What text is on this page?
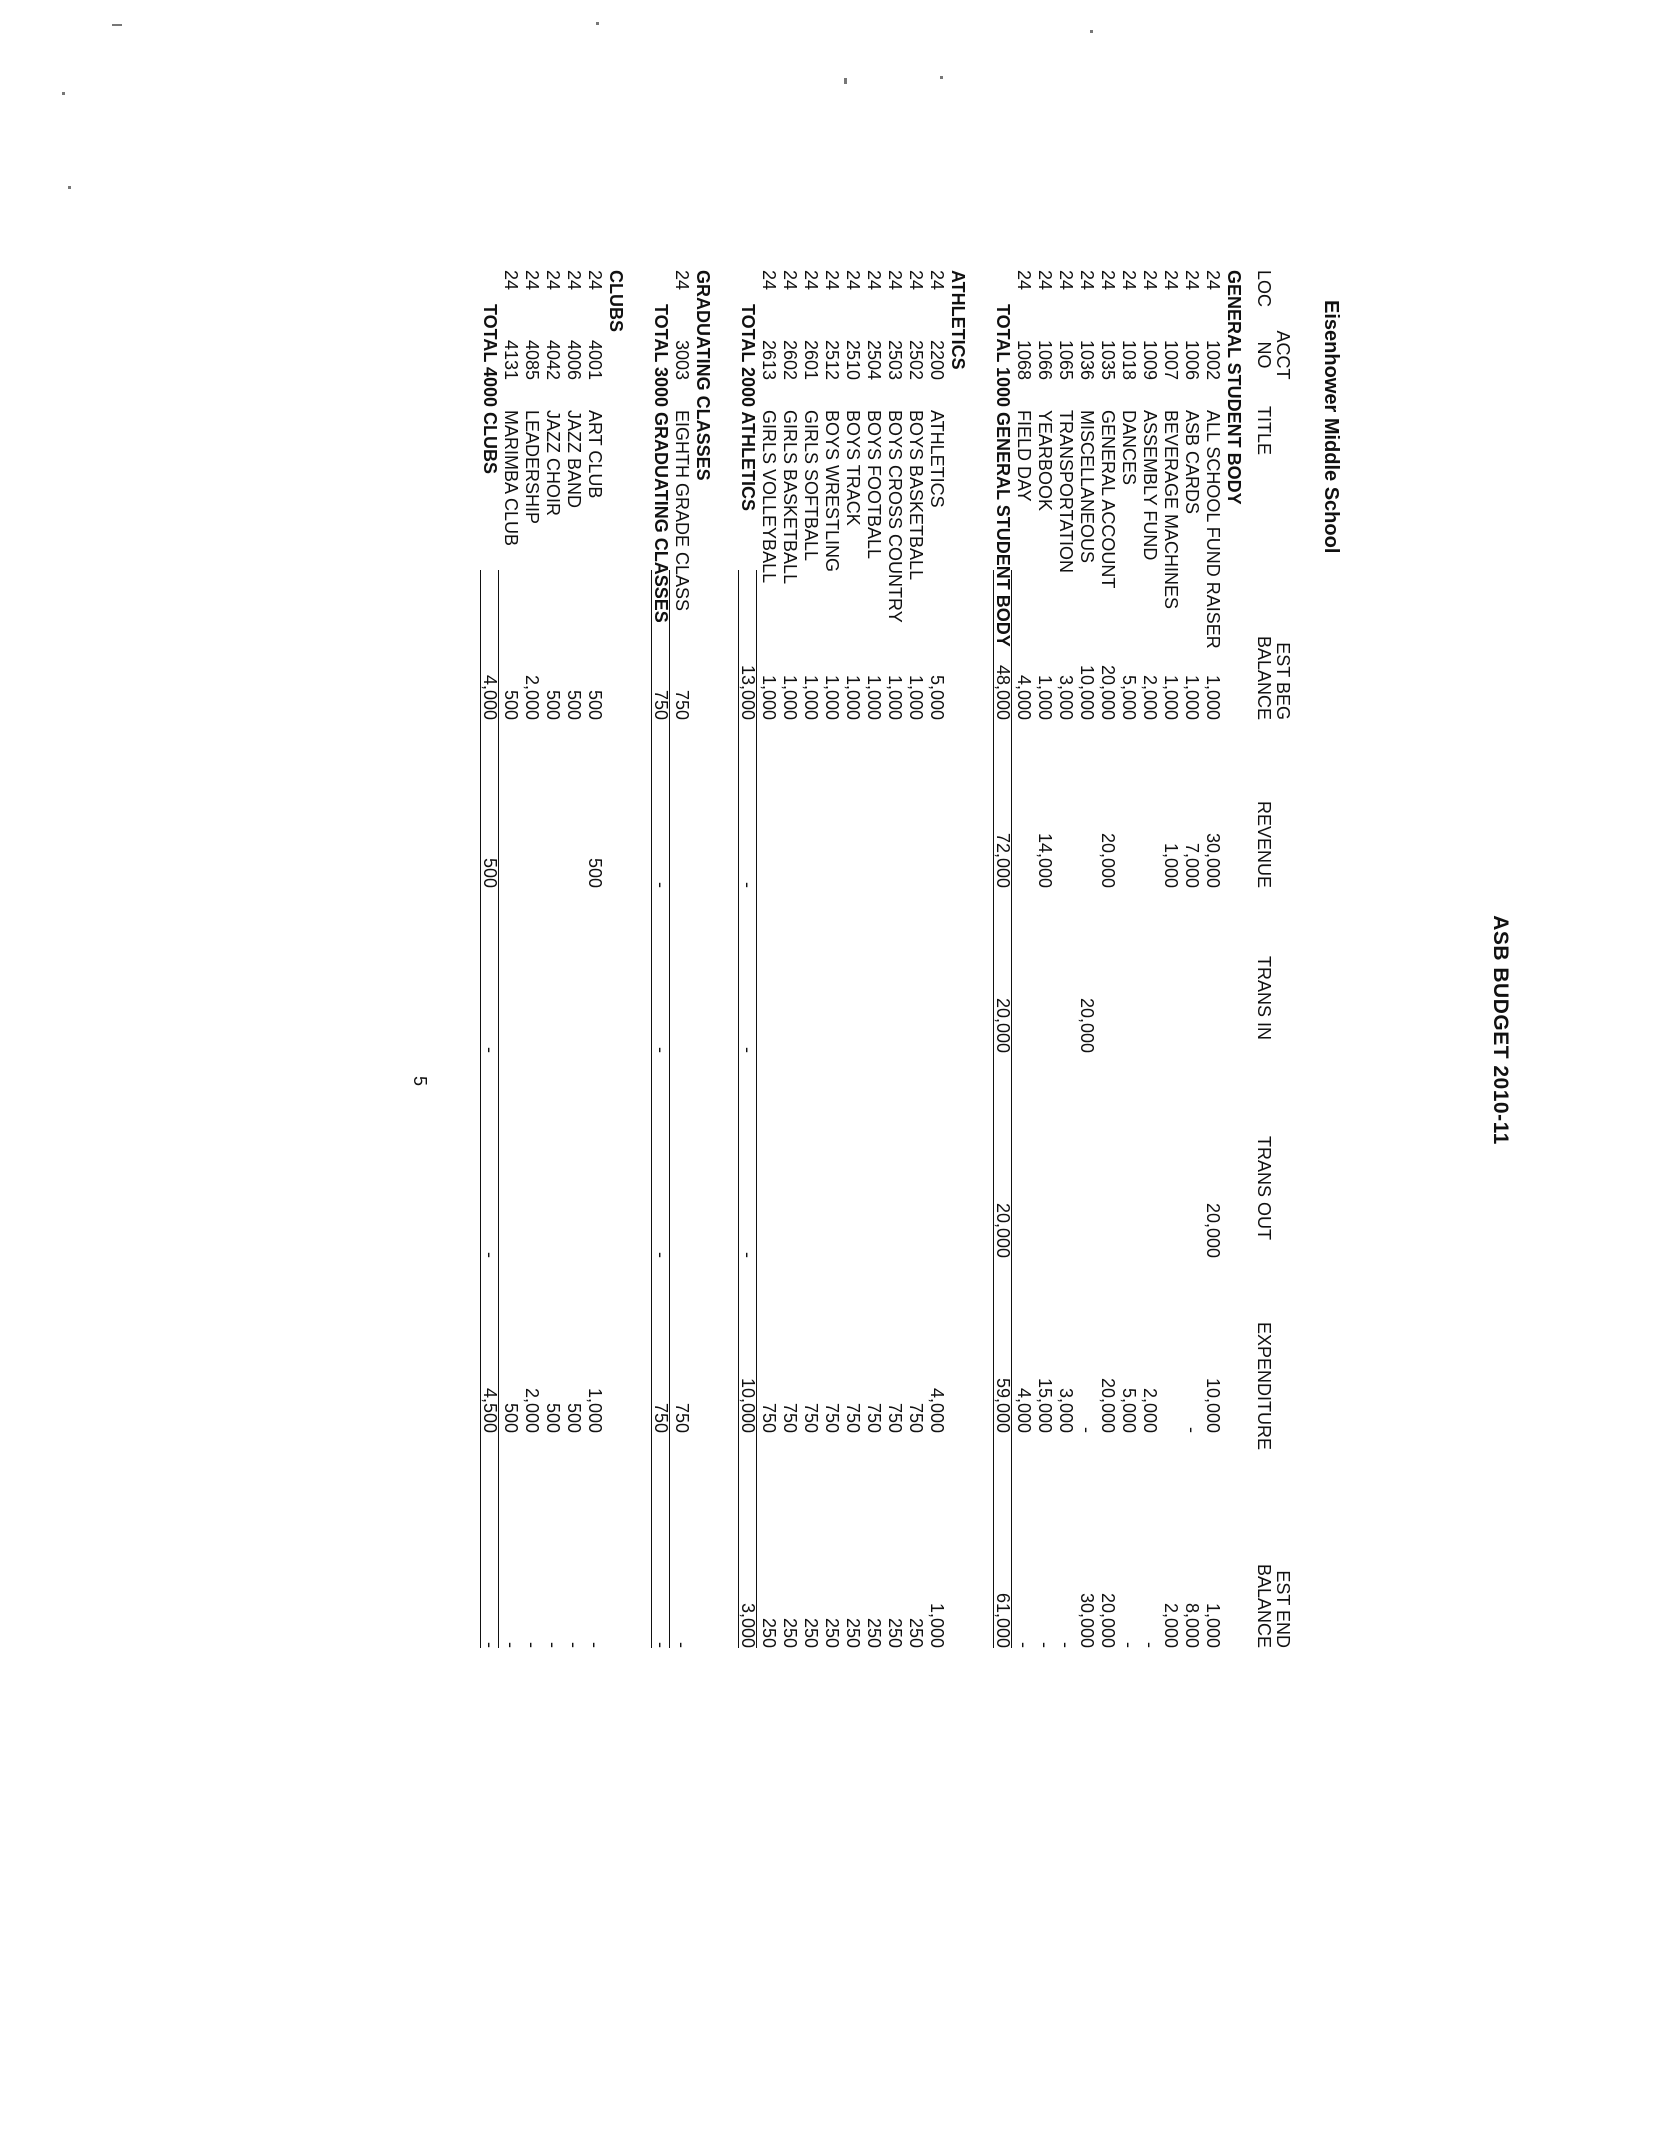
ASB BUDGET 2010-11
Eisenhower Middle School
LOC
ACCT
NO
TITLE
EST BEG
BALANCE
REVENUE
TRANS IN
TRANS OUT
EXPENDITURE
EST END
BALANCE
GENERAL STUDENT BODY
24
1002
ALL SCHOOL FUND RAISER
1,000
30,000
20,000
10,000
1,000
24
1006
ASB CARDS
1,000
7,000
-
8,000
24
1007
BEVERAGE MACHINES
1,000
1,000
2,000
24
1009
ASSEMBLY FUND
2,000
2,000
-
24
1018
DANCES
5,000
5,000
-
24
1035
GENERAL ACCOUNT
20,000
20,000
20,000
20,000
24
1036
MISCELLANEOUS
10,000
20,000
-
30,000
24
1065
TRANSPORTATION
3,000
3,000
-
24
1066
YEARBOOK
1,000
14,000
15,000
-
24
1068
FIELD DAY
4,000
4,000
-
TOTAL 1000 GENERAL STUDENT BODY
48,000
72,000
20,000
20,000
59,000
61,000
ATHLETICS
24
2200
ATHLETICS
5,000
4,000
1,000
24
2502
BOYS BASKETBALL
1,000
750
250
24
2503
BOYS CROSS COUNTRY
1,000
750
250
24
2504
BOYS FOOTBALL
1,000
750
250
24
2510
BOYS TRACK
1,000
750
250
24
2512
BOYS WRESTLING
1,000
750
250
24
2601
GIRLS SOFTBALL
1,000
750
250
24
2602
GIRLS BASKETBALL
1,000
750
250
24
2613
GIRLS VOLLEYBALL
1,000
750
250
TOTAL 2000 ATHLETICS
13,000
-
-
-
10,000
3,000
GRADUATING CLASSES
24
3003
EIGHTH GRADE CLASS
750
750
-
TOTAL 3000 GRADUATING CLASSES
750
-
-
-
750
-
CLUBS
24
4001
ART CLUB
500
500
1,000
-
24
4006
JAZZ BAND
500
500
-
24
4042
JAZZ CHOIR
500
500
-
24
4085
LEADERSHIP
2,000
2,000
-
24
4131
MARIMBA CLUB
500
500
-
TOTAL 4000 CLUBS
4,000
500
-
-
4,500
-
5
